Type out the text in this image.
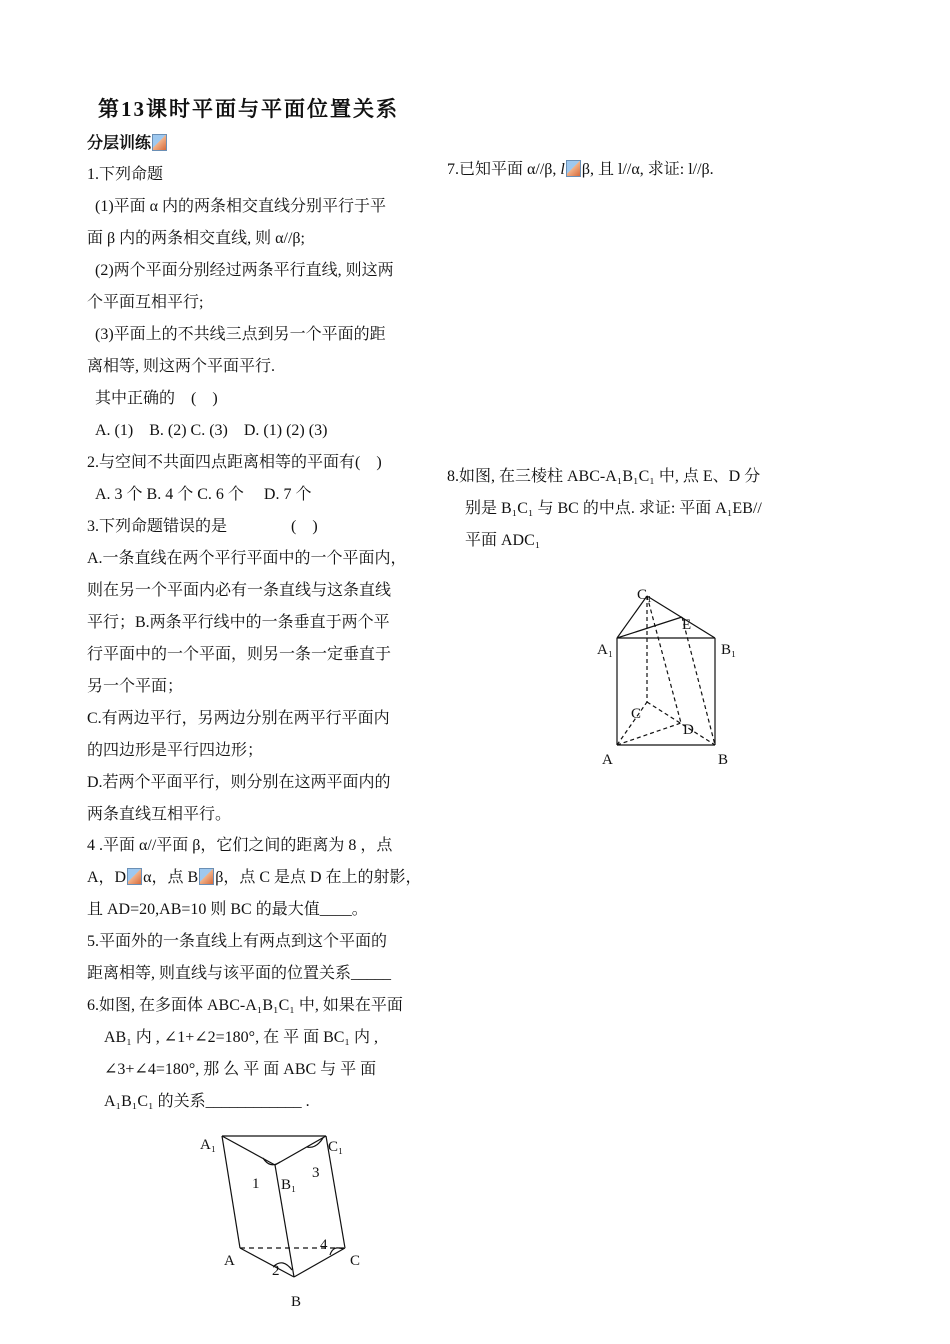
第13课时平面与平面位置关系
分层训练
1.下列命题
(1)平面 α 内的两条相交直线分别平行于平
面 β 内的两条相交直线, 则 α//β;
(2)两个平面分别经过两条平行直线, 则这两
个平面互相平行;
(3)平面上的不共线三点到另一个平面的距
离相等, 则这两个平面平行.
其中正确的　(　)
A. (1)　B. (2) C. (3)　D. (1) (2) (3)
2.与空间不共面四点距离相等的平面有(　)
A. 3 个 B. 4 个 C. 6 个　 D. 7 个
3.下列命题错误的是　　　　(　)
A.一条直线在两个平行平面中的一个平面内，
则在另一个平面内必有一条直线与这条直线
平行；B.两条平行线中的一条垂直于两个平
行平面中的一个平面，则另一条一定垂直于
另一个平面；
C.有两边平行，另两边分别在两平行平面内
的四边形是平行四边形；
D.若两个平面平行，则分别在这两平面内的
两条直线互相平行。
4 .平面 α//平面 β，它们之间的距离为 8 ，点
A，D α，点 B β，点 C 是点 D 在上的射影，
且 AD=20,AB=10 则 BC 的最大值____。
5.平面外的一条直线上有两点到这个平面的
距离相等, 则直线与该平面的位置关系_____
6.如图, 在多面体 ABC-A₁B₁C₁ 中, 如果在平面
AB₁ 内 , ∠1+∠2=180°, 在 平 面 BC₁ 内 ,
∠3+∠4=180°, 那 么 平 面 ABC 与 平 面
A₁B₁C₁ 的关系____________ .
A₁	C₁
B₁
1
3
A
2
4
C
B
7.已知平面 α//β, l β, 且 l//α, 求证: l//β.
8.如图, 在三棱柱 ABC-A₁B₁C₁ 中, 点 E、D 分
别是 B₁C₁ 与 BC 的中点. 求证: 平面 A₁EB//
平面 ADC₁
C₁
E
A₁	B₁
C
D
A	B
